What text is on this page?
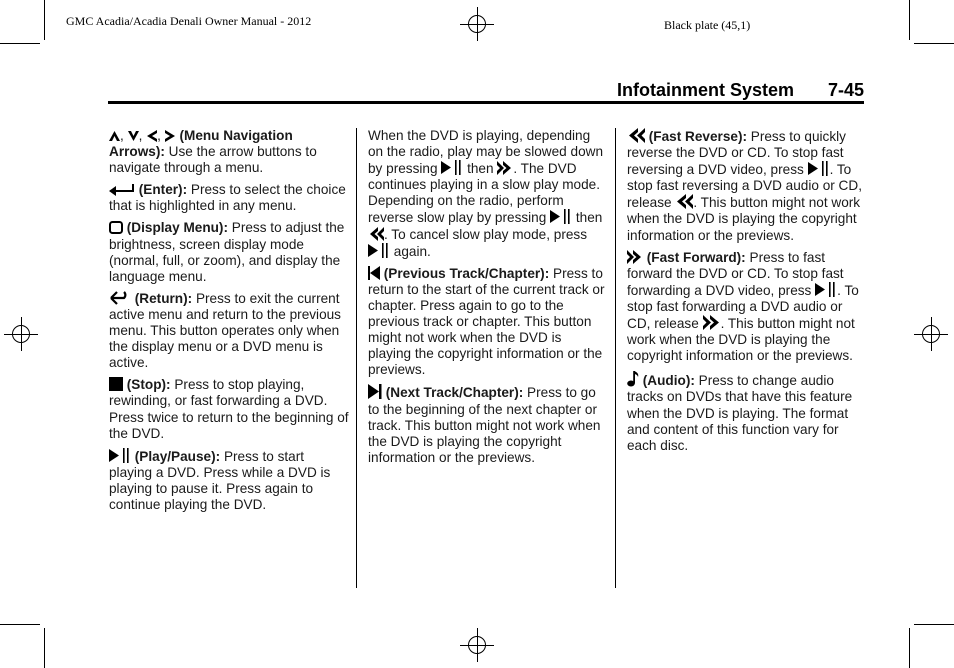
GMC Acadia/Acadia Denali Owner Manual - 2012	Black plate (45,1)
Infotainment System 7-45

,
,
,
(Menu Navigation Arrows): Use the arrow buttons to navigate through a menu.

(Enter): Press to select the choice that is highlighted in any menu.

(Display Menu): Press to adjust the brightness, screen display mode (normal, full, or zoom), and display the language menu.

(Return): Press to exit the current active menu and return to the previous menu. This button operates only when the display menu or a DVD menu is active.

(Stop): Press to stop playing, rewinding, or fast forwarding a DVD. Press twice to return to the beginning of the DVD.

(Play/Pause): Press to start playing a DVD. Press while a DVD is playing to pause it. Press again to continue playing the DVD.

When the DVD is playing, depending on the radio, play may be slowed down by pressing then . The DVD continues playing in a slow play mode. Depending on the radio, perform reverse slow play by pressing then
. To cancel slow play mode, press
again.

(Previous Track/Chapter): Press to return to the start of the current track or chapter. Press again to go to the previous track or chapter. This button might not work when the DVD is playing the copyright information or the previews.

(Next Track/Chapter): Press to go to the beginning of the next chapter or track. This button might not work when the DVD is playing the copyright information or the previews.

(Fast Reverse): Press to quickly reverse the DVD or CD. To stop fast reversing a DVD video, press . To stop fast reversing a DVD audio or CD, release . This button might not work when the DVD is playing the copyright information or the previews.

(Fast Forward): Press to fast forward the DVD or CD. To stop fast forwarding a DVD video, press . To stop fast forwarding a DVD audio or CD, release . This button might not work when the DVD is playing the copyright information or the previews.

(Audio): Press to change audio tracks on DVDs that have this feature when the DVD is playing. The format and content of this function vary for each disc.
